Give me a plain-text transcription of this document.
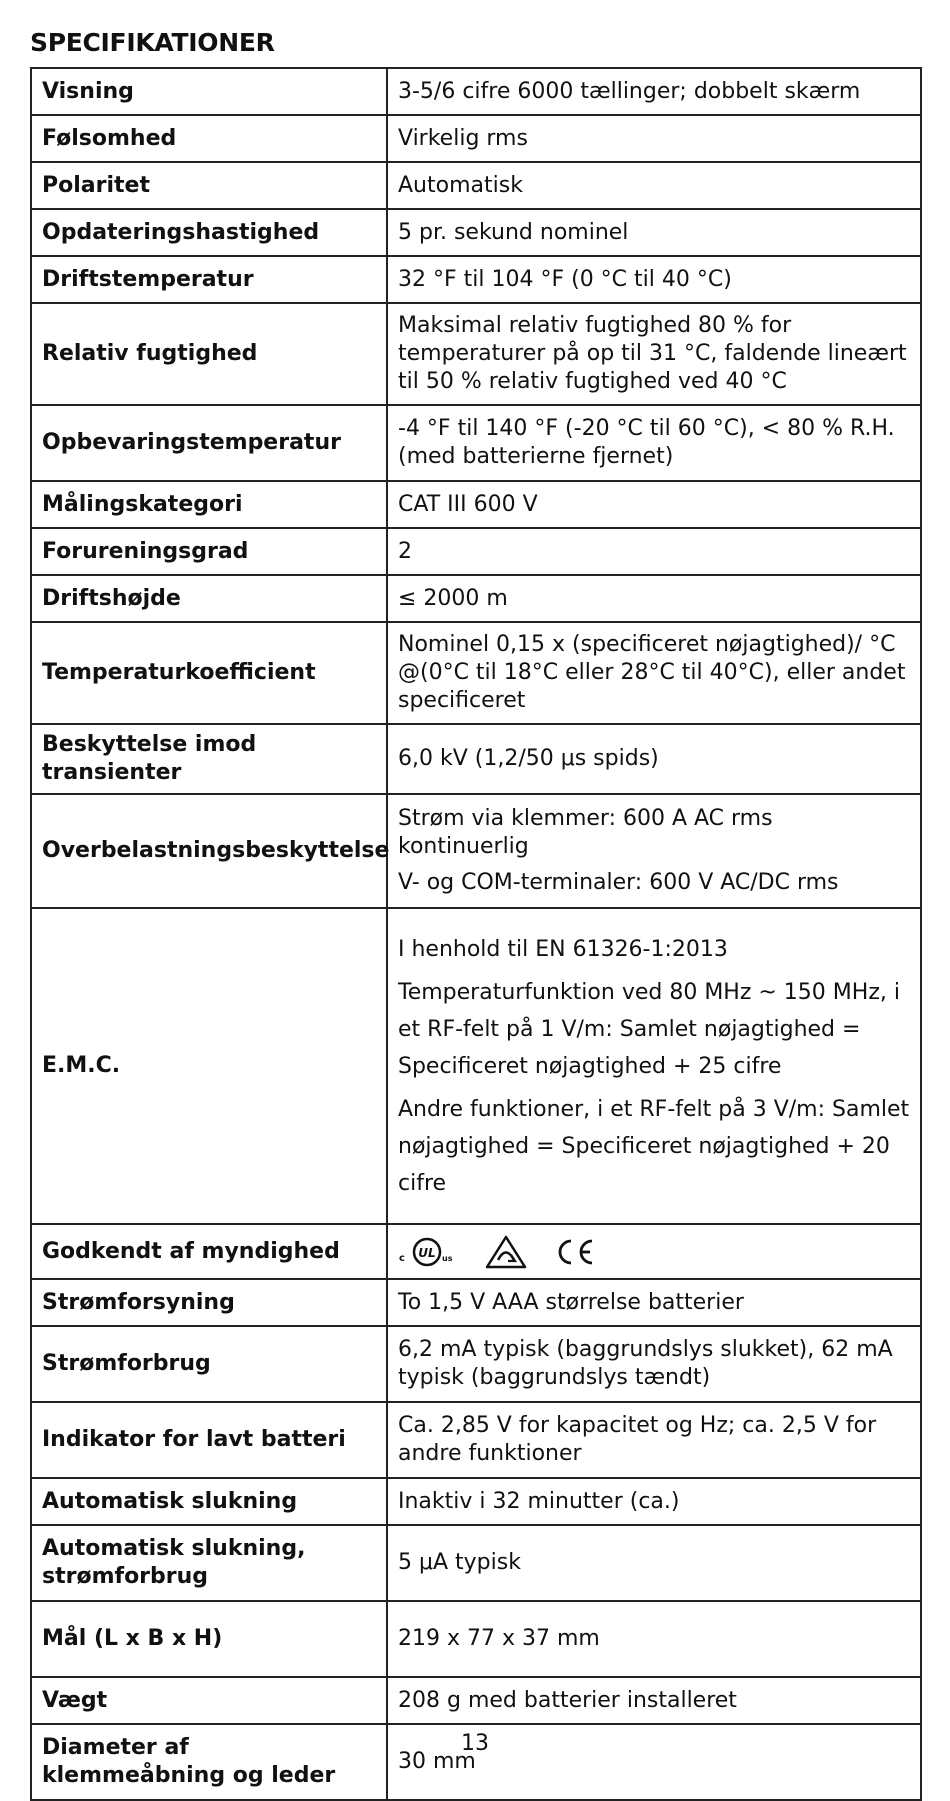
SPECIFIKATIONER
Visning	3-5/6 cifre 6000 tællinger; dobbelt skærm

Følsomhed	Virkelig rms

Polaritet	Automatisk

Opdateringshastighed	5 pr. sekund nominel

Driftstemperatur	32 °F til 104 °F (0 °C til 40 °C)

Relativ fugtighed	Maksimal relativ fugtighed 80 % for temperaturer på op til 31 °C, faldende lineært til 50 % relativ fugtighed ved 40 °C

Opbevaringstemperatur	-4 °F til 140 °F (-20 °C til 60 °C), < 80 % R.H. (med batterierne fjernet)

Målingskategori	CAT III 600 V

Forureningsgrad	2

Driftshøjde	≤ 2000 m

Temperaturkoefficient	Nominel 0,15 x (specificeret nøjagtighed)/ °C @(0°C til 18°C eller 28°C til 40°C), eller andet specificeret

Beskyttelse imod transienter	6,0 kV (1,2/50 μs spids)

Overbelastningsbeskyttelse	Strøm via klemmer: 600 A AC rms kontinuerlig

V- og COM-terminaler: 600 V AC/DC rms

E.M.C.	I henhold til EN 61326-1:2013

Temperaturfunktion ved 80 MHz ~ 150 MHz, i et RF-felt på 1 V/m: Samlet nøjagtighed = Specificeret nøjagtighed + 25 cifre

Andre funktioner, i et RF-felt på 3 V/m: Samlet nøjagtighed = Specificeret nøjagtighed + 20 cifre

Godkendt af myndighed	c UL us

Strømforsyning	To 1,5 V AAA størrelse batterier

Strømforbrug	6,2 mA typisk (baggrundslys slukket), 62 mA typisk (baggrundslys tændt)

Indikator for lavt batteri	Ca. 2,85 V for kapacitet og Hz; ca. 2,5 V for andre funktioner

Automatisk slukning	Inaktiv i 32 minutter (ca.)

Automatisk slukning, strømforbrug	5 μA typisk

Mål (L x B x H)	219 x 77 x 37 mm

Vægt	208 g med batterier installeret

Diameter af klemmeåbning og leder	30 mm

13
